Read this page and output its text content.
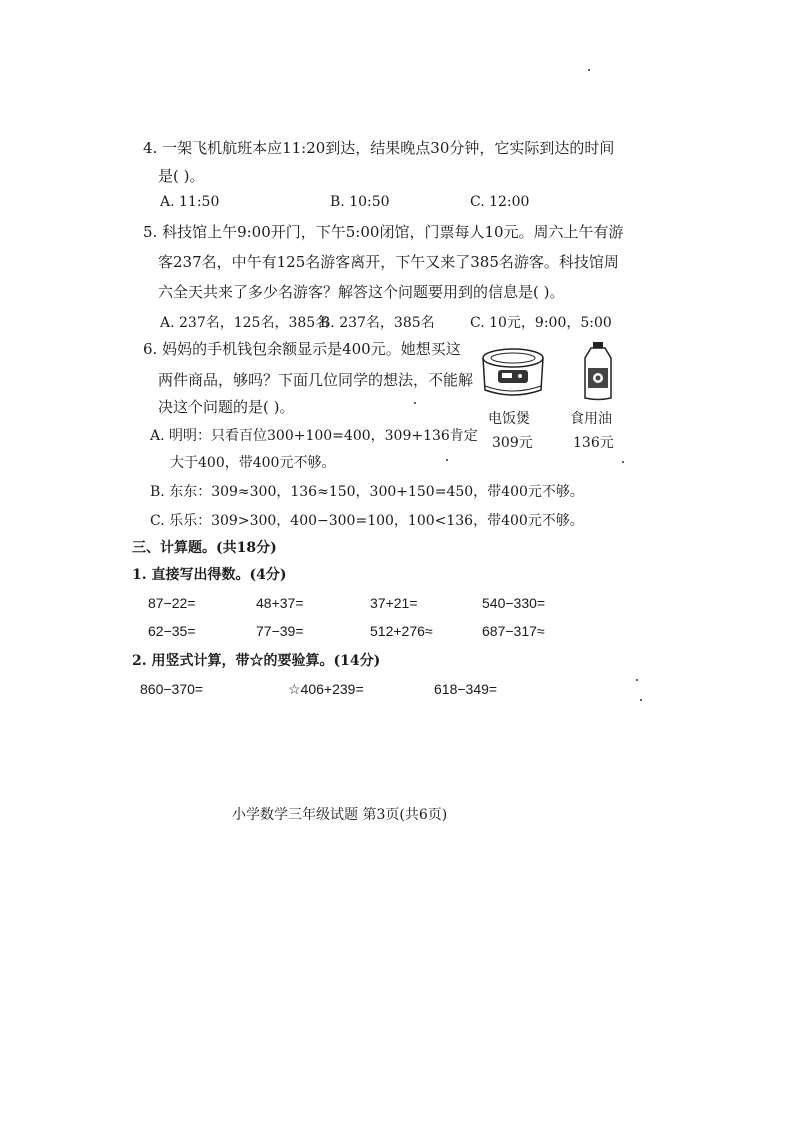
4. 一架飞机航班本应11:20到达，结果晚点30分钟，它实际到达的时间
是( )。
A. 11:50	B. 10:50	C. 12:00
5. 科技馆上午9:00开门，下午5:00闭馆，门票每人10元。周六上午有游
客237名，中午有125名游客离开，下午又来了385名游客。科技馆周
六全天共来了多少名游客？解答这个问题要用到的信息是( )。
A. 237名，125名，385名
B. 237名，385名	C. 10元，9:00，5:00
6. 妈妈的手机钱包余额显示是400元。她想买这
两件商品，够吗？下面几位同学的想法，不能解
决这个问题的是( )。
A. 明明：只看百位300+100=400，309+136肯定
大于400，带400元不够。
B. 东东：309≈300，136≈150，300+150=450，带400元不够。
C. 乐乐：309>300，400−300=100，100<136，带400元不够。
电饭煲
309元
食用油
136元
三、计算题。(共18分)
1. 直接写出得数。(4分)
87−22=	48+37=	37+21=	540−330=
62−35=	77−39=	512+276≈	687−317≈
2. 用竖式计算，带☆的要验算。(14分)
860−370=	☆406+239=	618−349=
小学数学三年级试题 第3页(共6页)
